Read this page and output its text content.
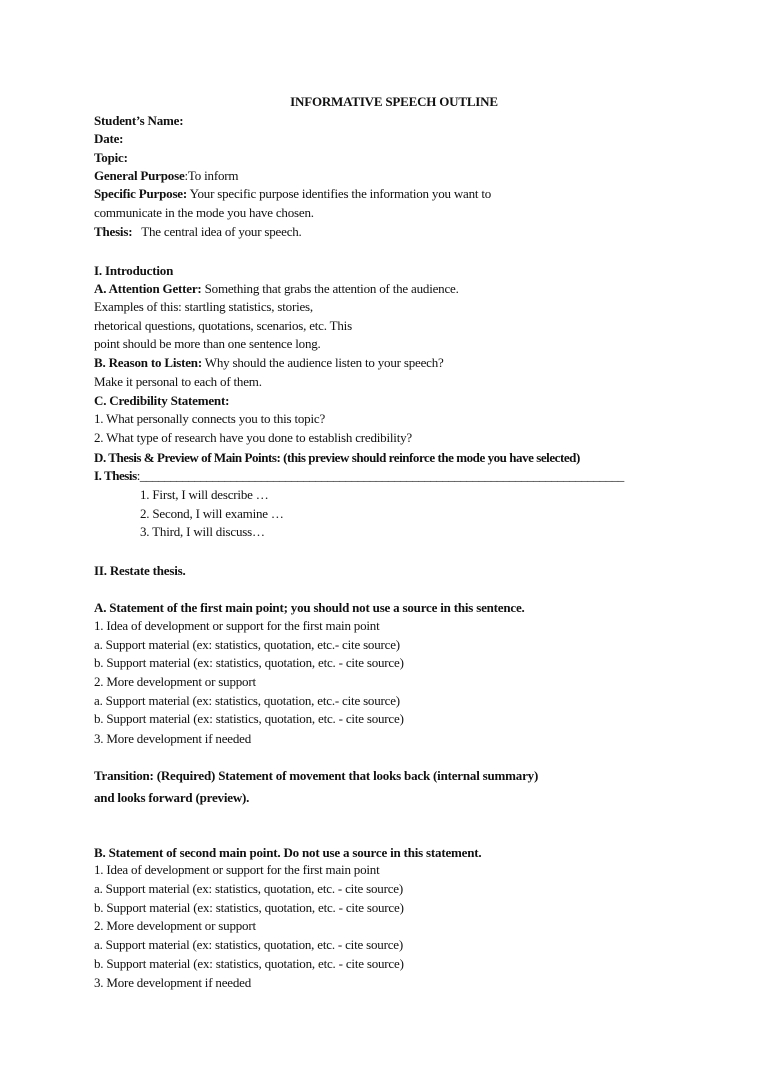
INFORMATIVE SPEECH OUTLINE
Student’s Name:
Date:
Topic:
General Purpose:To inform
Specific Purpose: Your specific purpose identifies the information you want to
communicate in the mode you have chosen.
Thesis:   The central idea of your speech.
I. Introduction
A. Attention Getter: Something that grabs the attention of the audience.
Examples of this: startling statistics, stories,
rhetorical questions, quotations, scenarios, etc. This
point should be more than one sentence long.
B. Reason to Listen: Why should the audience listen to your speech?
Make it personal to each of them.
C. Credibility Statement:
1. What personally connects you to this topic?
2. What type of research have you done to establish credibility?
D. Thesis & Preview of Main Points: (this preview should reinforce the mode you have selected)
I. Thesis:________________________________________________________________________________
1. First, I will describe …
2. Second, I will examine …
3. Third, I will discuss…
II. Restate thesis.
A. Statement of the first main point; you should not use a source in this sentence.
1. Idea of development or support for the first main point
a. Support material (ex: statistics, quotation, etc.- cite source)
b. Support material (ex: statistics, quotation, etc. - cite source)
2. More development or support
a. Support material (ex: statistics, quotation, etc.- cite source)
b. Support material (ex: statistics, quotation, etc. - cite source)
3. More development if needed
Transition: (Required) Statement of movement that looks back (internal summary)
and looks forward (preview).
B. Statement of second main point. Do not use a source in this statement.
1. Idea of development or support for the first main point
a. Support material (ex: statistics, quotation, etc. - cite source)
b. Support material (ex: statistics, quotation, etc. - cite source)
2. More development or support
a. Support material (ex: statistics, quotation, etc. - cite source)
b. Support material (ex: statistics, quotation, etc. - cite source)
3. More development if needed
